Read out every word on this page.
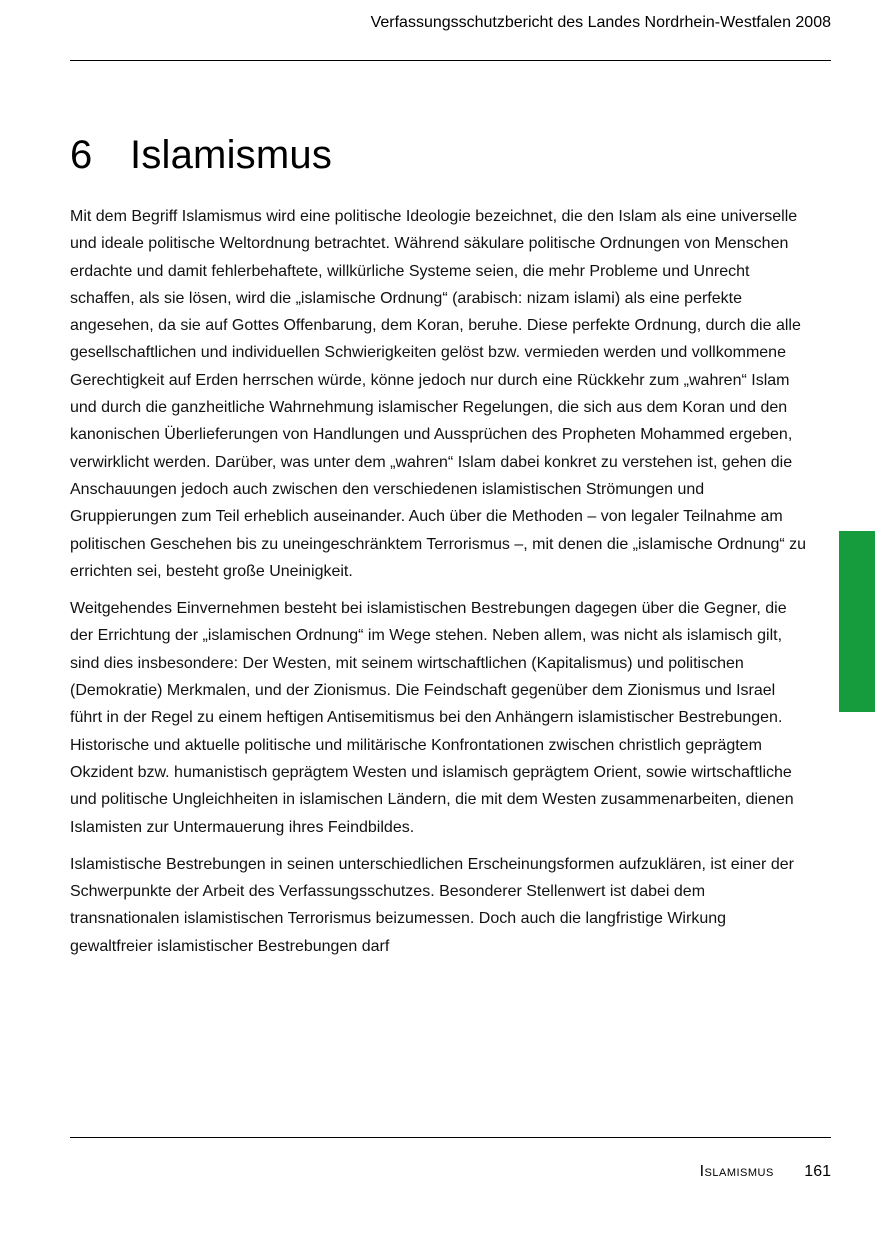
Verfassungsschutzbericht des Landes Nordrhein-Westfalen 2008
6 Islamismus

Mit dem Begriff Islamismus wird eine politische Ideologie bezeichnet, die den Islam als eine universelle und ideale politische Weltordnung betrachtet. Während säkulare politische Ordnungen von Menschen erdachte und damit fehlerbehaftete, willkürliche Systeme seien, die mehr Probleme und Unrecht schaffen, als sie lösen, wird die „islamische Ordnung“ (arabisch: nizam islami) als eine perfekte angesehen, da sie auf Gottes Offenbarung, dem Koran, beruhe. Diese perfekte Ordnung, durch die alle gesellschaftlichen und individuellen Schwierigkeiten gelöst bzw. vermieden werden und vollkommene Gerechtigkeit auf Erden herrschen würde, könne jedoch nur durch eine Rückkehr zum „wahren“ Islam und durch die ganzheitliche Wahrnehmung islamischer Regelungen, die sich aus dem Koran und den kanonischen Überlieferungen von Handlungen und Aussprüchen des Propheten Mohammed ergeben, verwirklicht werden. Darüber, was unter dem „wahren“ Islam dabei konkret zu verstehen ist, gehen die Anschauungen jedoch auch zwischen den verschiedenen islamistischen Strömungen und Gruppierungen zum Teil erheblich auseinander. Auch über die Methoden – von legaler Teilnahme am politischen Geschehen bis zu uneingeschränktem Terrorismus –, mit denen die „islamische Ordnung“ zu errichten sei, besteht große Uneinigkeit.

Weitgehendes Einvernehmen besteht bei islamistischen Bestrebungen dagegen über die Gegner, die der Errichtung der „islamischen Ordnung“ im Wege stehen. Neben allem, was nicht als islamisch gilt, sind dies insbesondere: Der Westen, mit seinem wirtschaftlichen (Kapitalismus) und politischen (Demokratie) Merkmalen, und der Zionismus. Die Feindschaft gegenüber dem Zionismus und Israel führt in der Regel zu einem heftigen Antisemitismus bei den Anhängern islamistischer Bestrebungen. Historische und aktuelle politische und militärische Konfrontationen zwischen christlich geprägtem Okzident bzw. humanistisch geprägtem Westen und islamisch geprägtem Orient, sowie wirtschaftliche und politische Ungleichheiten in islamischen Ländern, die mit dem Westen zusammenarbeiten, dienen Islamisten zur Untermauerung ihres Feindbildes.

Islamistische Bestrebungen in seinen unterschiedlichen Erscheinungsformen aufzuklären, ist einer der Schwerpunkte der Arbeit des Verfassungsschutzes. Besonderer Stellenwert ist dabei dem transnationalen islamistischen Terrorismus beizumessen. Doch auch die langfristige Wirkung gewaltfreier islamistischer Bestrebungen darf

Islamismus 161
